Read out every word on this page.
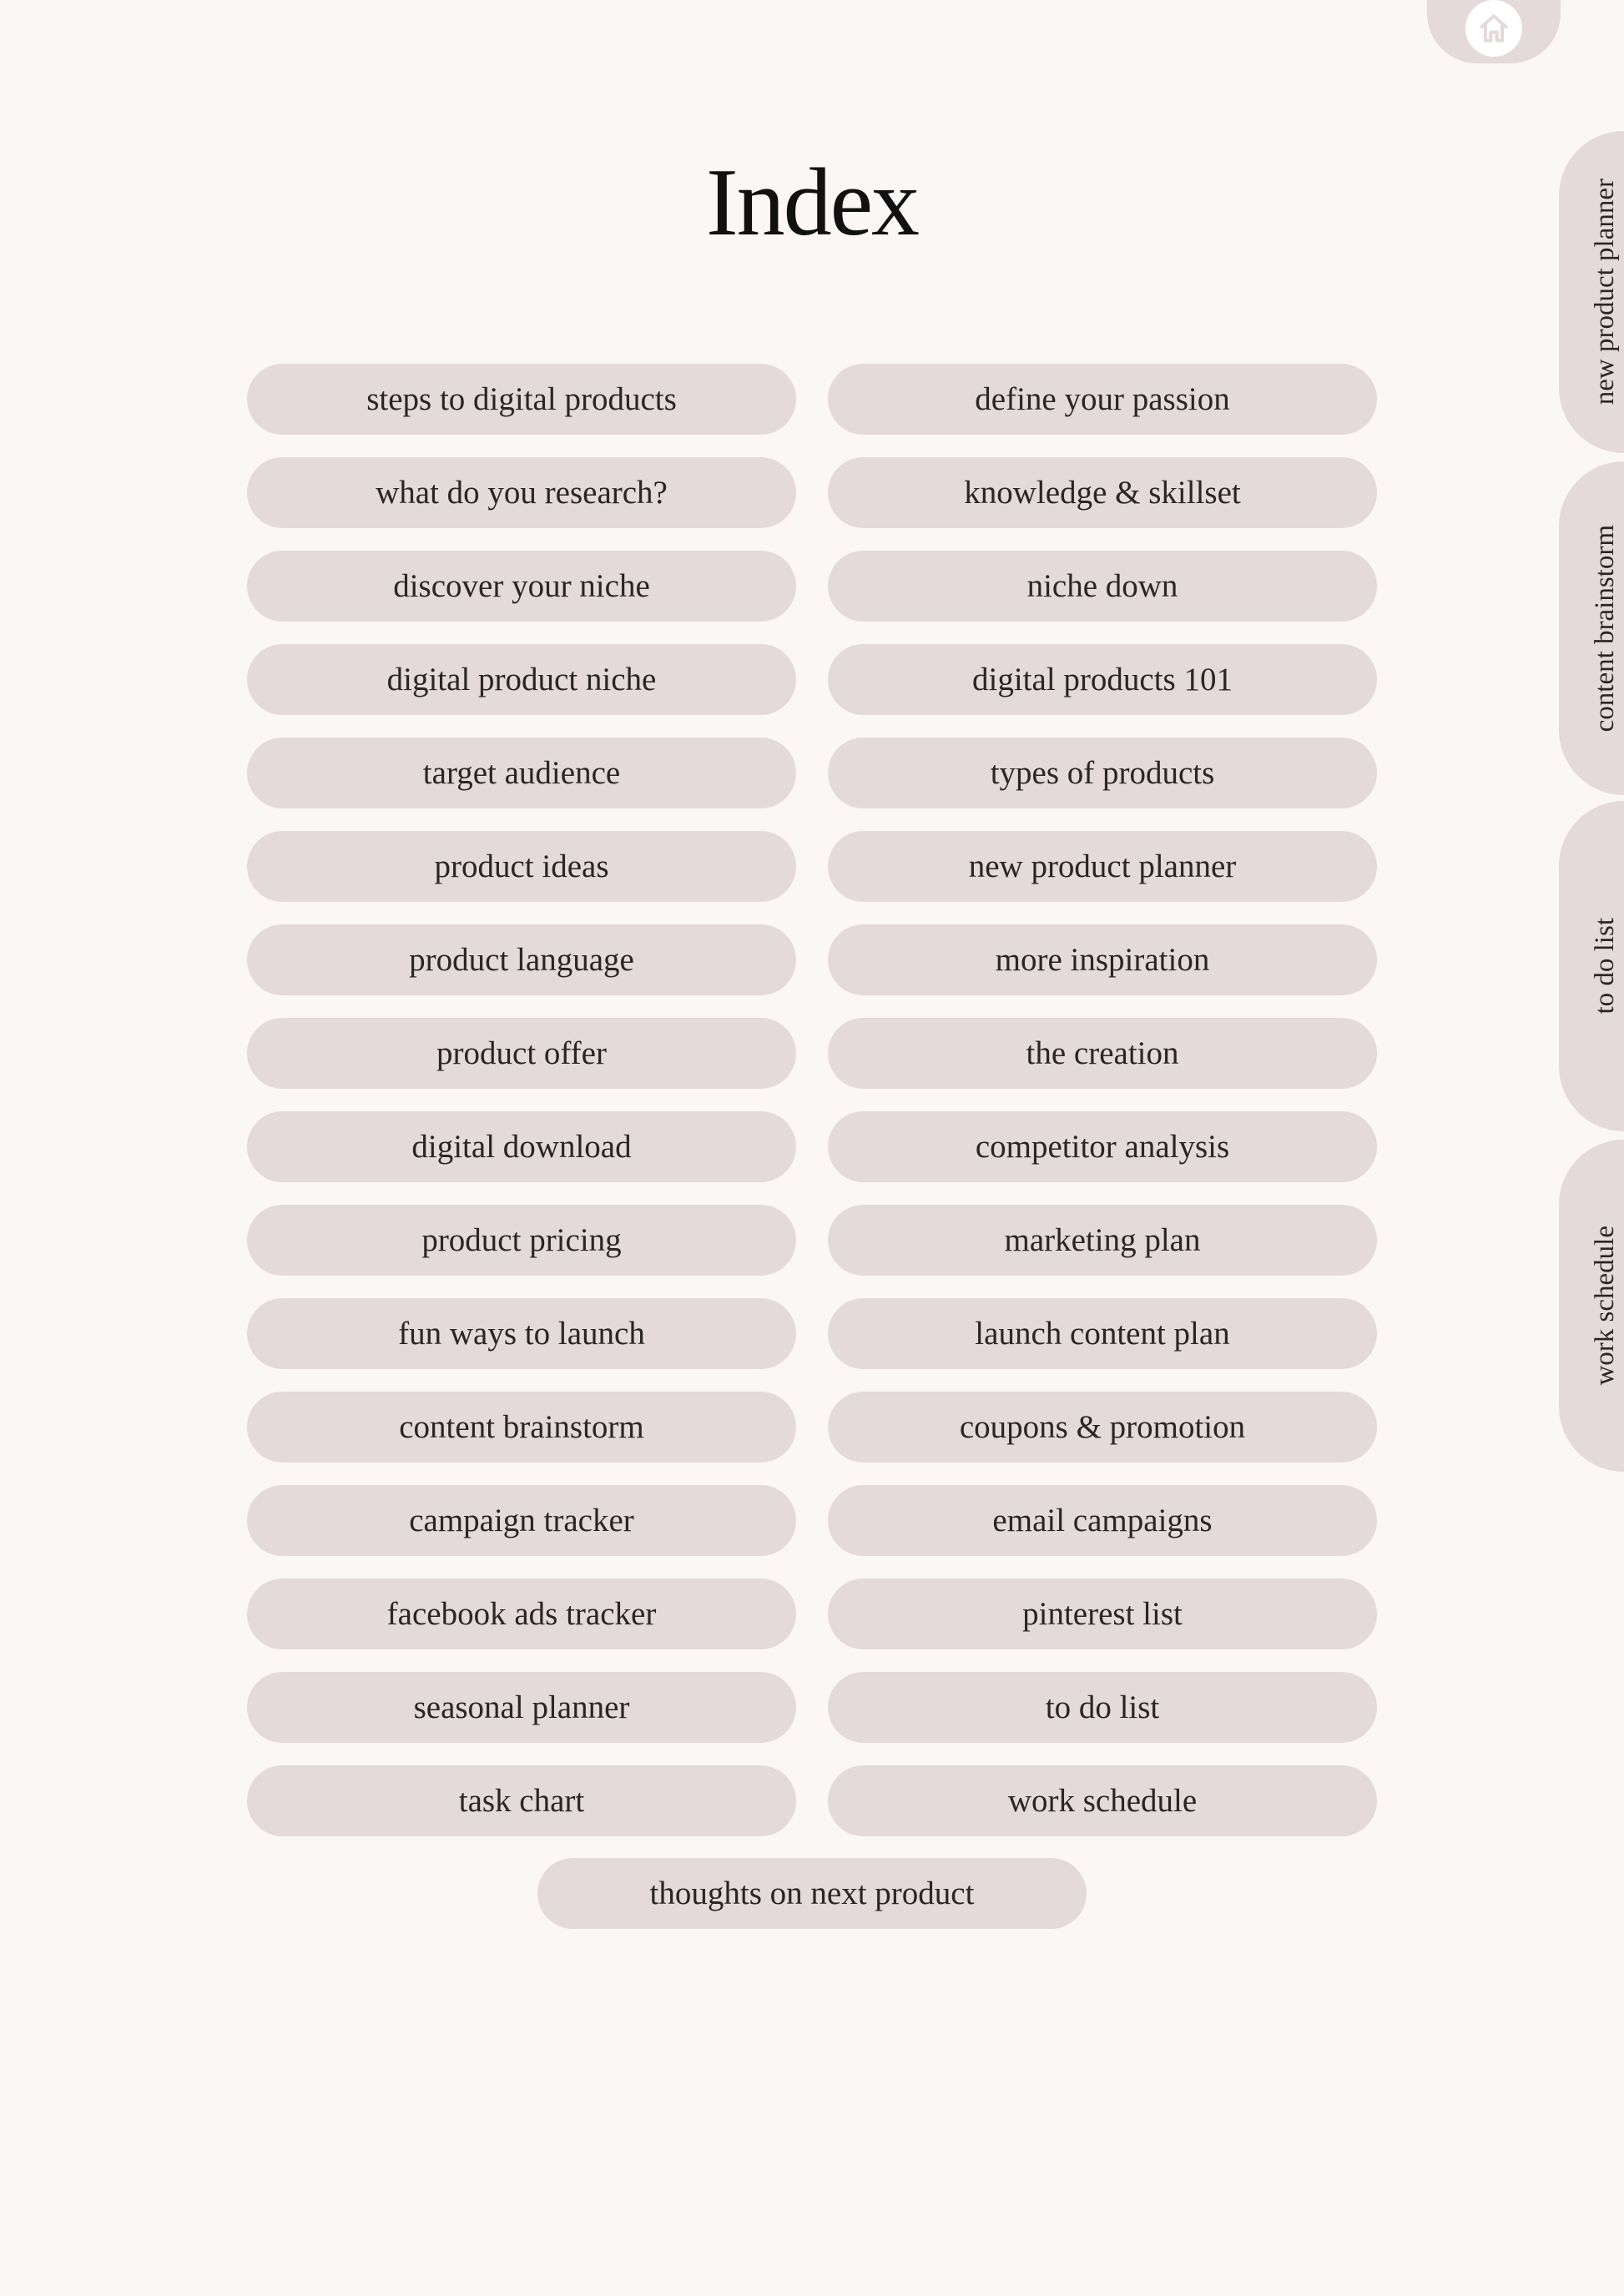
Index
steps to digital products	define your passion
what do you research?	knowledge & skillset
discover your niche	niche down
digital product niche	digital products 101
target audience	types of products
product ideas	new product planner
product language	more inspiration
product offer	the creation
digital download	competitor analysis
product pricing	marketing plan
fun ways to launch	launch content plan
content brainstorm	coupons & promotion
campaign tracker	email campaigns
facebook ads tracker	pinterest list
seasonal planner	to do list
task chart	work schedule
thoughts on next product
new product planner
content brainstorm
to do list
work schedule
